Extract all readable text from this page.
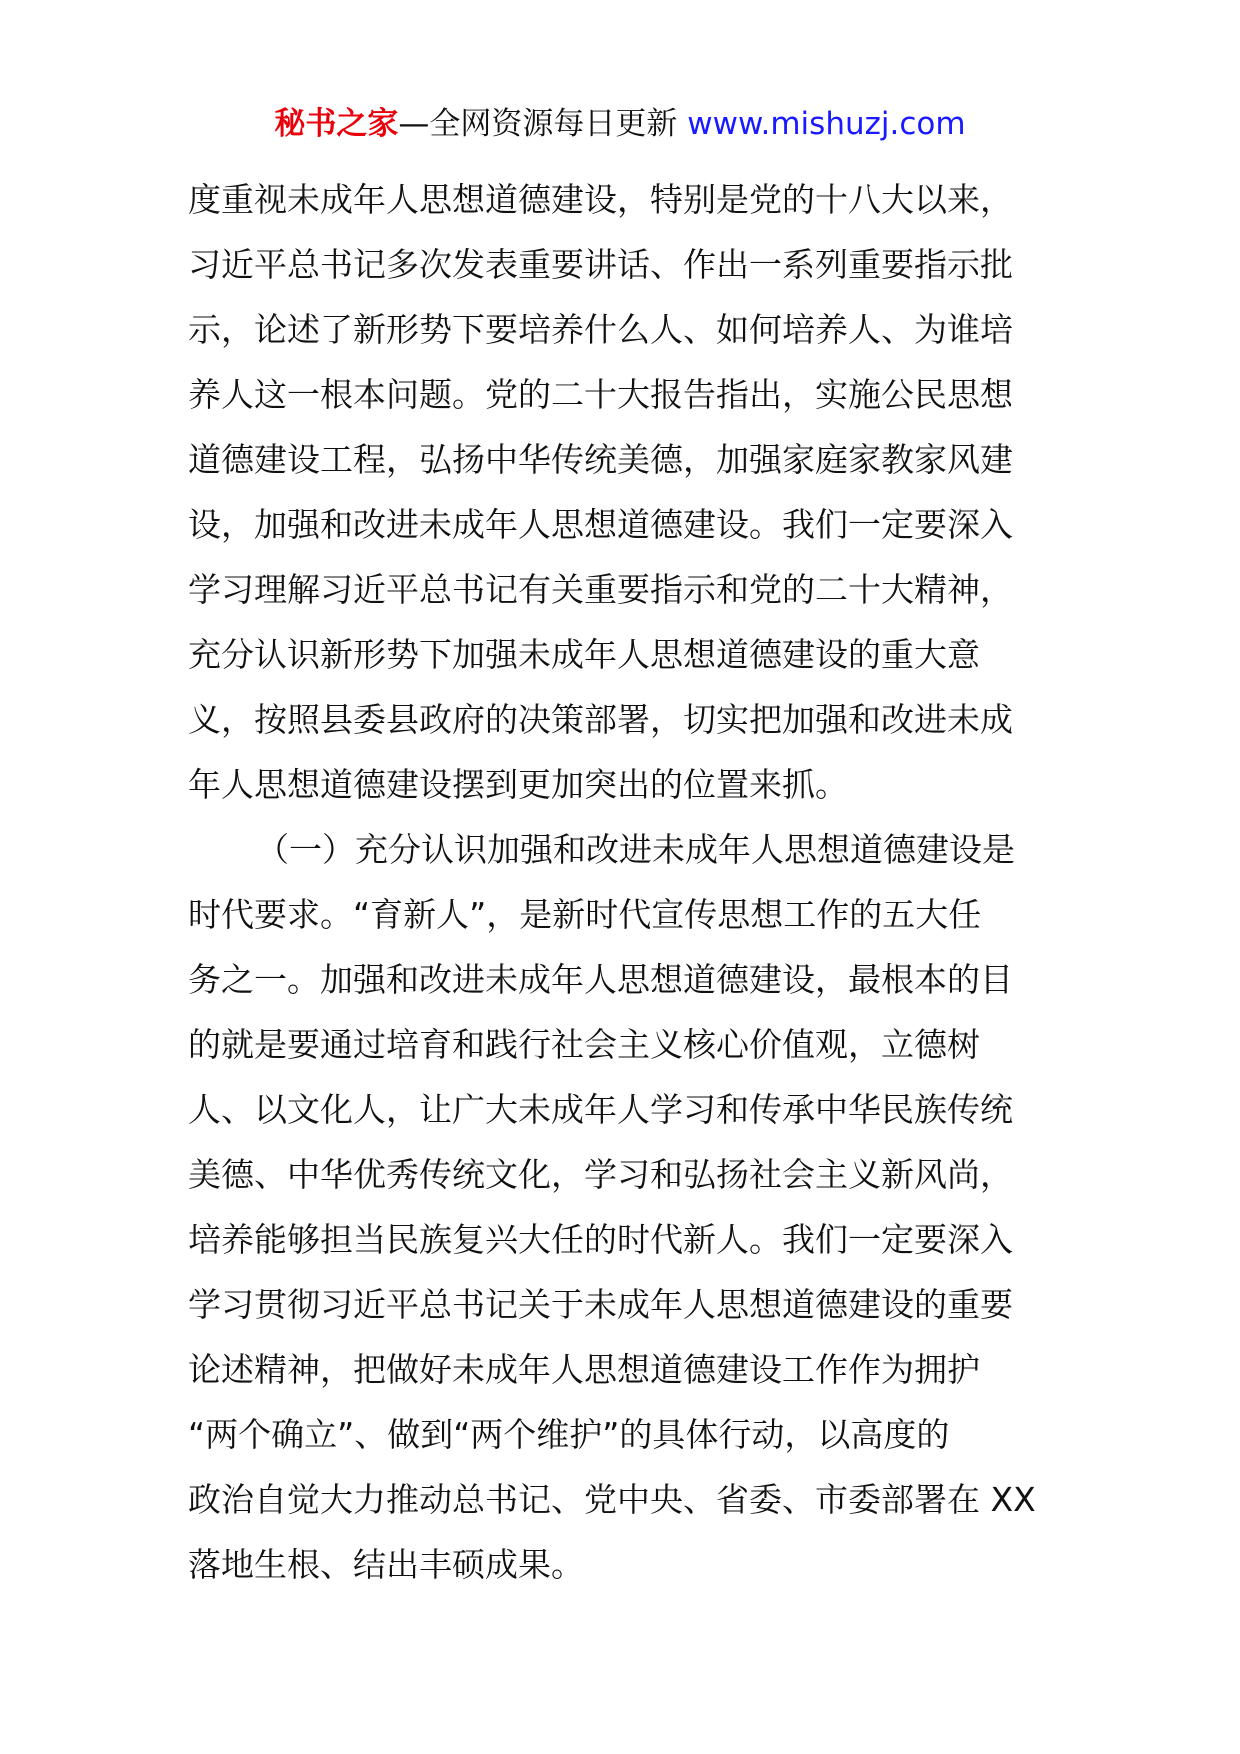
秘书之家—全网资源每日更新 www.mishuzj.com
度重视未成年人思想道德建设，特别是党的十八大以来，
习近平总书记多次发表重要讲话、作出一系列重要指示批
示，论述了新形势下要培养什么人、如何培养人、为谁培
养人这一根本问题。党的二十大报告指出，实施公民思想
道德建设工程，弘扬中华传统美德，加强家庭家教家风建
设，加强和改进未成年人思想道德建设。我们一定要深入
学习理解习近平总书记有关重要指示和党的二十大精神，
充分认识新形势下加强未成年人思想道德建设的重大意
义，按照县委县政府的决策部署，切实把加强和改进未成
年人思想道德建设摆到更加突出的位置来抓。
（一）充分认识加强和改进未成年人思想道德建设是
时代要求。“育新人”，是新时代宣传思想工作的五大任
务之一。加强和改进未成年人思想道德建设，最根本的目
的就是要通过培育和践行社会主义核心价值观，立德树
人、以文化人，让广大未成年人学习和传承中华民族传统
美德、中华优秀传统文化，学习和弘扬社会主义新风尚，
培养能够担当民族复兴大任的时代新人。我们一定要深入
学习贯彻习近平总书记关于未成年人思想道德建设的重要
论述精神，把做好未成年人思想道德建设工作作为拥护
“两个确立”、做到“两个维护”的具体行动，以高度的
政治自觉大力推动总书记、党中央、省委、市委部署在 XX
落地生根、结出丰硕成果。
